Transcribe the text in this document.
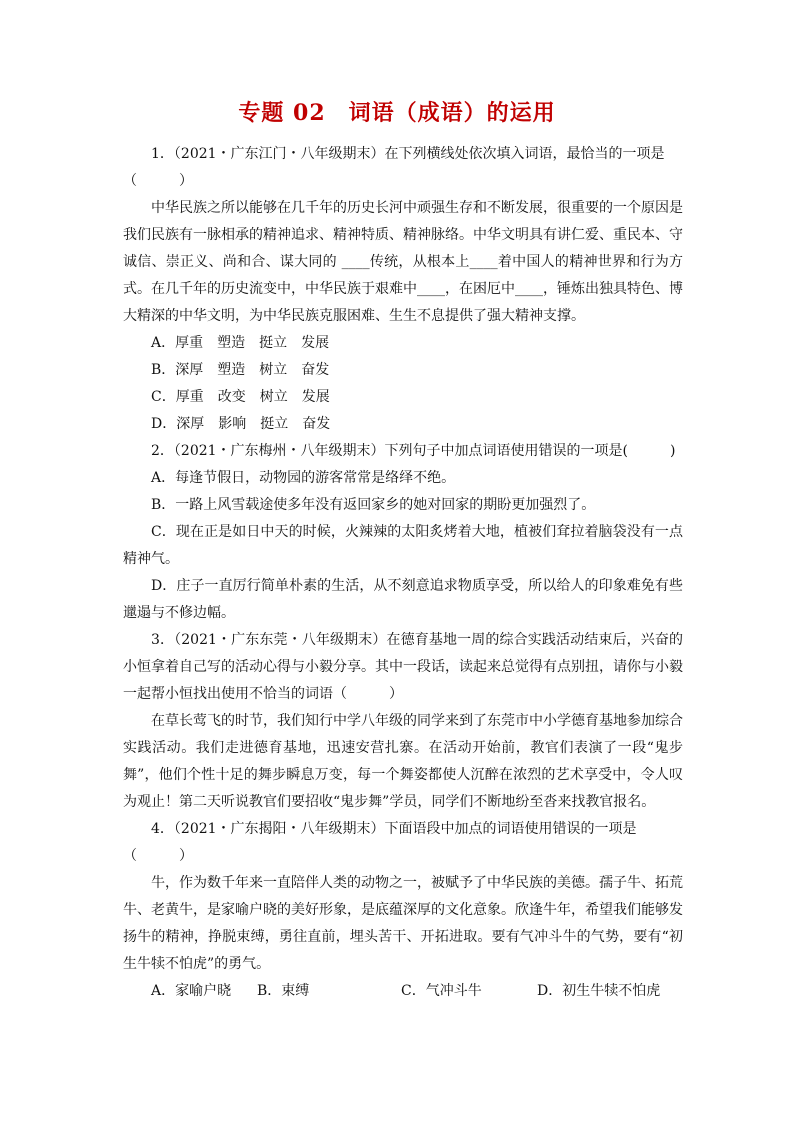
专题 02　词语（成语）的运用

1．（2021・广东江门・八年级期末）在下列横线处依次填入词语，最恰当的一项是

（　　　）

中华民族之所以能够在几千年的历史长河中顽强生存和不断发展，很重要的一个原因是我们民族有一脉相承的精神追求、精神特质、精神脉络。中华文明具有讲仁爱、重民本、守诚信、崇正义、尚和合、谋大同的 ____传统，从根本上____着中国人的精神世界和行为方式。在几千年的历史流变中，中华民族于艰难中____，在困厄中____，锤炼出独具特色、博大精深的中华文明，为中华民族克服困难、生生不息提供了强大精神支撑。

A．厚重　塑造　挺立　发展

B．深厚　塑造　树立　奋发

C．厚重　改变　树立　发展

D．深厚　影响　挺立　奋发

2．（2021・广东梅州・八年级期末）下列句子中加点词语使用错误的一项是(　　　)

A．每逢节假日，动物园的游客常常是络绎不绝。

B．一路上风雪载途使多年没有返回家乡的她对回家的期盼更加强烈了。

C．现在正是如日中天的时候，火辣辣的太阳炙烤着大地，植被们耷拉着脑袋没有一点精神气。

D．庄子一直厉行简单朴素的生活，从不刻意追求物质享受，所以给人的印象难免有些邋遢与不修边幅。

3．（2021・广东东莞・八年级期末）在德育基地一周的综合实践活动结束后，兴奋的小恒拿着自己写的活动心得与小毅分享。其中一段话，读起来总觉得有点别扭，请你与小毅一起帮小恒找出使用不恰当的词语（　　　）

在草长莺飞的时节，我们知行中学八年级的同学来到了东莞市中小学德育基地参加综合实践活动。我们走进德育基地，迅速安营扎寨。在活动开始前，教官们表演了一段“鬼步舞”，他们个性十足的舞步瞬息万变，每一个舞姿都使人沉醉在浓烈的艺术享受中，令人叹为观止！第二天听说教官们要招收“鬼步舞”学员，同学们不断地纷至沓来找教官报名。

4．（2021・广东揭阳・八年级期末）下面语段中加点的词语使用错误的一项是

（　　　）

牛，作为数千年来一直陪伴人类的动物之一，被赋予了中华民族的美德。孺子牛、拓荒牛、老黄牛，是家喻户晓的美好形象，是底蕴深厚的文化意象。欣逢牛年，希望我们能够发扬牛的精神，挣脱束缚，勇往直前，埋头苦干、开拓进取。要有气冲斗牛的气势，要有“初生牛犊不怕虎”的勇气。

A．家喻户晓 B．束缚	C．气冲斗牛	D．初生牛犊不怕虎
